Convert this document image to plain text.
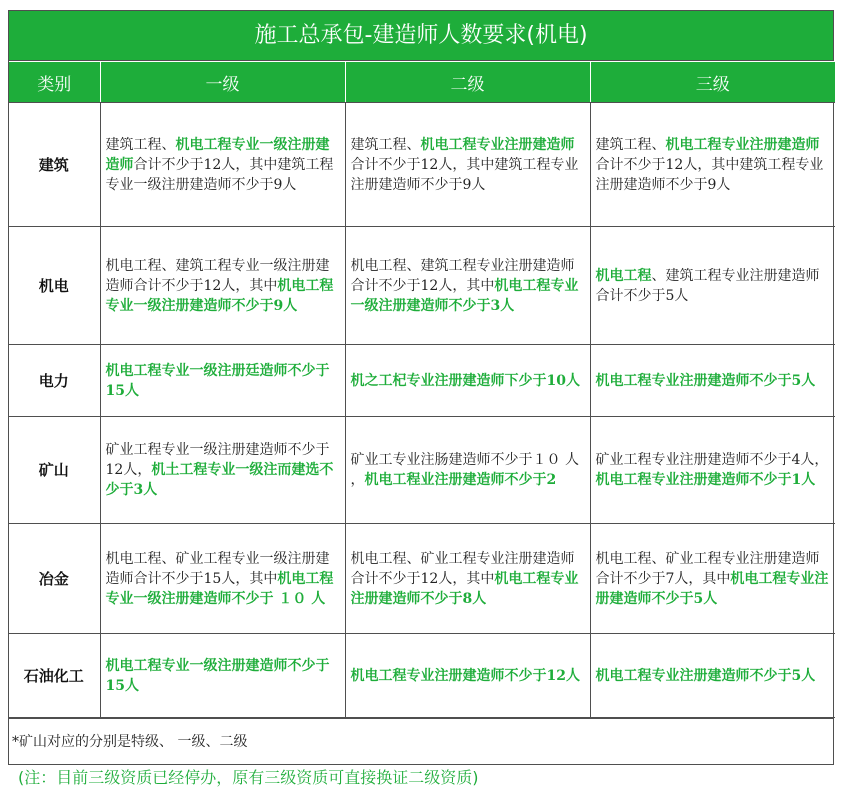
施工总承包-建造师人数要求(机电)
类别	一级	二级	三级
建筑	建筑工程、机电工程专业一级注册建造师合计不少于12人，其中建筑工程专业一级注册建造师不少于9人	建筑工程、机电工程专业注册建造师合计不少于12人，其中建筑工程专业注册建造师不少于9人	建筑工程、机电工程专业注册建造师合计不少于12人，其中建筑工程专业注册建造师不少于9人
机电	机电工程、建筑工程专业一级注册建造师合计不少于12人，其中机电工程专业一级注册建造师不少于9人	机电工程、建筑工程专业注册建造师合计不少于12人，其中机电工程专业一级注册建造师不少于3人	机电工程、建筑工程专业注册建造师合计不少于5人
电力	机电工程专业一级注册廷造师不少于15人	机之工杞专业注册建造师下少于10人	机电工程专业注册建造师不少于5人
矿山	矿业工程专业一级注册建造师不少于12人，机土工程专业一级注而建选不少于3人	矿业工专业注肠建造师不少于１０ 人 ，机电工程业注册建造师不少于2	矿业工程专业注册建造师不少于4人，机电工程专业注册建造师不少于1人
冶金	机电工程、矿业工程专业一级注册建造师合计不少于15人，其中机电工程专业一级注册建造师不少于 １０ 人	机电工程、矿业工程专业注册建造师合计不少于12人，其中机电工程专业注册建造师不少于8人	机电工程、矿业工程专业注册建造师合计不少于7人，具中机电工程专业注册建造师不少于5人
石油化工	机电工程专业一级注册建造师不少于15人	机电工程专业注册建造师不少于12人	机电工程专业注册建造师不少于5人
*矿山对应的分别是特级、 一级、二级
(注：目前三级资质已经停办，原有三级资质可直接换证二级资质)
